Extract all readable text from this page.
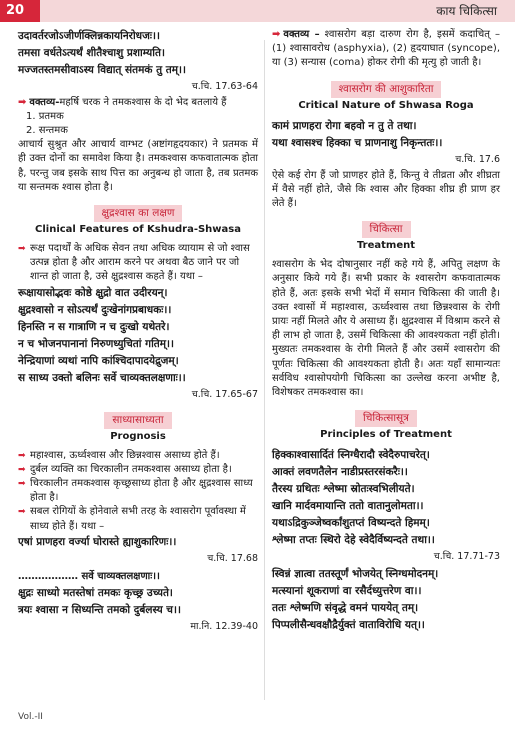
20	काय चिकित्सा
उदावर्तरजोऽजीर्णक्लिन्नकायनिरोधजः।।
तमसा वर्धतेऽत्यर्थं शीतैश्चाशु प्रशाम्यति।
मज्जतस्तमसीवाऽस्य विद्यात् संतमकं तु तम्।।
च.चि. 17.63-64
➡ वक्तव्य-महर्षि चरक ने तमकश्वास के दो भेद बतलाये हैं
1. प्रतमक
2. सन्तमक
आचार्य सुश्रुत और आचार्य वाग्भट (अष्टांगहृदयकार) ने प्रतमक में ही उक्त दोनों का समावेश किया है। तमकश्वास कफवातात्मक होता है, परन्तु जब इसके साथ पित्त का अनुबन्ध हो जाता है, तब प्रतमक या सन्तमक श्वास होता है।
क्षुद्रश्वास का लक्षण
Clinical Features of Kshudra-Shwasa
➡ रूक्ष पदार्थों के अधिक सेवन तथा अधिक व्यायाम से जो श्वास उत्पन्न होता है और आराम करने पर अथवा बैठ जाने पर जो शान्त हो जाता है, उसे क्षुद्रश्वास कहते हैं। यथा –
रूक्षायासोद्भवः कोष्ठे क्षुद्रो वात उदीरयन्।
क्षुद्रश्वासो न सोऽत्यर्थं दुःखेनांगप्रबाधकः।।
हिनस्ति न स गात्राणि न च दुःखो यथेतरे।
न च भोजनपानानां निरुणध्युचितां गतिम्।।
नेन्द्रियाणां व्यथां नापि कांश्चिदापादयेद्रुजम्।
स साध्य उक्तो बलिनः सर्वे चाव्यक्तलक्षणाः।।
च.चि. 17.65-67
साध्यासाध्यता
Prognosis
➡ महाश्वास, ऊर्ध्वश्वास और छिन्नश्वास असाध्य होते हैं।
➡ दुर्बल व्यक्ति का चिरकालीन तमकश्वास असाध्य होता है।
➡ चिरकालीन तमकश्वास कृच्छ्रसाध्य होता है और क्षुद्रश्वास साध्य होता है।
➡ सबल रोगियों के होनेवाले सभी तरह के श्वासरोग पूर्वावस्था में साध्य होते हैं। यथा –
एषां प्राणहरा वर्ज्या घोरास्ते ह्याशुकारिणः।।
च.चि. 17.68
……………… सर्वे चाव्यक्तलक्षणाः।।
क्षुद्रः साध्यो मतस्तेषां तमकः कृच्छ्र उच्यते।
त्रयः श्वासा न सिध्यन्ति तमको दुर्बलस्य च।।
मा.नि. 12.39-40
➡ वक्तव्य – श्वासरोग बड़ा दारुण रोग है, इसमें कदाचित् – (1) श्वासावरोध (asphyxia), (2) हृदयाघात (syncope), या (3) सन्यास (coma) होकर रोगी की मृत्यु हो जाती है।
श्वासरोग की आशुकारिता
Critical Nature of Shwasa Roga
कामं प्राणहरा रोगा बहवो न तु ते तथा।
यथा श्वासश्च हिक्का च प्राणनाशु निकृन्ततः।।
च.चि. 17.6
ऐसे कई रोग हैं जो प्राणहर होते हैं, किन्तु वे तीव्रता और शीघ्रता में वैसे नहीं होते, जैसे कि श्वास और हिक्का शीघ्र ही प्राण हर लेते हैं।
चिकित्सा
Treatment
श्वासरोग के भेद दोषानुसार नहीं कहे गये हैं, अपितु लक्षण के अनुसार किये गये हैं। सभी प्रकार के श्वासरोग कफवातात्मक होते हैं, अतः इसके सभी भेदों में समान चिकित्सा की जाती है। उक्त श्वासों में महाश्वास, ऊर्ध्वश्वास तथा छिन्नश्वास के रोगी प्रायः नहीं मिलते और ये असाध्य हैं। क्षुद्रश्वास में विश्राम करने से ही लाभ हो जाता है, उसमें चिकित्सा की आवश्यकता नहीं होती। मुख्यतः तमकश्वास के रोगी मिलते हैं और उसमें श्वासरोग की पूर्णतः चिकित्सा की आवश्यकता होती है। अतः यहाँ सामान्यतः सर्वविध श्वासोपयोगी चिकित्सा का उल्लेख करना अभीष्ट है, विशेषकर तमकश्वास का।
चिकित्सासूत्र
Principles of Treatment
हिक्काश्वासार्दितं स्निग्धैरादौ स्वेदैरुपाचरेत्।
आक्तं लवणतैलेन नाडीप्रस्तरसंकरैः।।
तैरस्य ग्रथितः श्लेष्मा स्रोतःस्वभिलीयते।
खानि मार्दवमायान्ति ततो वातानुलोमता।।
यथाऽद्रिकुञ्जेष्वर्कांशुतप्तं विष्यन्दते हिमम्।
श्लेष्मा तप्तः स्थिरो देहे स्वेदैर्विष्यन्दते तथा।।
च.चि. 17.71-73
स्विन्नं ज्ञात्वा ततस्तूर्णं भोजयेत् स्निग्धमोदनम्।
मत्स्यानां शूकराणां वा रसैर्दध्युत्तरेण वा।।
ततः श्लेष्मणि संवृद्धे वमनं पाययेत् तम्।
पिप्पलीसैन्धवक्षौद्रैर्युक्तं वाताविरोधि यत्।।
Vol.-II
